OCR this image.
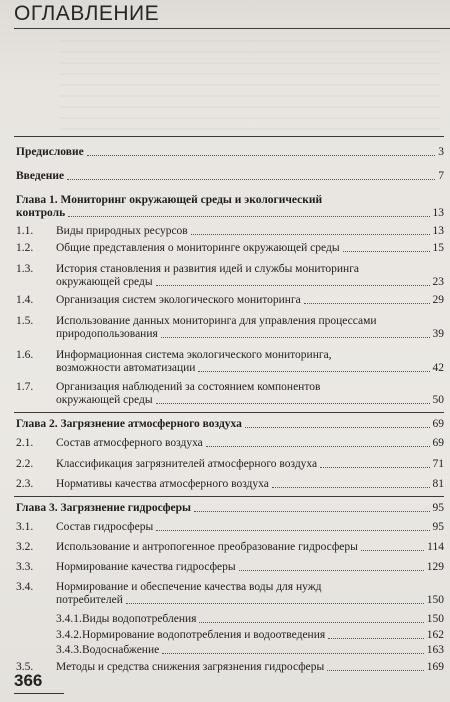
ОГЛАВЛЕНИЕ
Предисловие	3
Введение	7
Глава 1. Мониторинг окружающей среды и экологический
контроль	13
1.1. Виды природных ресурсов	13
1.2. Общие представления о мониторинге окружающей среды	15
1.3. История становления и развития идей и службы мониторинга
окружающей среды	23
1.4. Организация систем экологического мониторинга	29
1.5. Использование данных мониторинга для управления процессами
природопользования	39
1.6. Информационная система экологического мониторинга,
возможности автоматизации	42
1.7. Организация наблюдений за состоянием компонентов
окружающей среды	50
Глава 2. Загрязнение атмосферного воздуха	69
2.1. Состав атмосферного воздуха	69
2.2. Классификация загрязнителей атмосферного воздуха	71
2.3. Нормативы качества атмосферного воздуха	81
Глава 3. Загрязнение гидросферы	95
3.1. Состав гидросферы	95
3.2. Использование и антропогенное преобразование гидросферы	114
3.3. Нормирование качества гидросферы	129
3.4. Нормирование и обеспечение качества воды для нужд
потребителей	150
3.4.1. Виды водопотребления	150
3.4.2. Нормирование водопотребления и водоотведения	162
3.4.3. Водоснабжение	163
3.5. Методы и средства снижения загрязнения гидросферы	169
366
